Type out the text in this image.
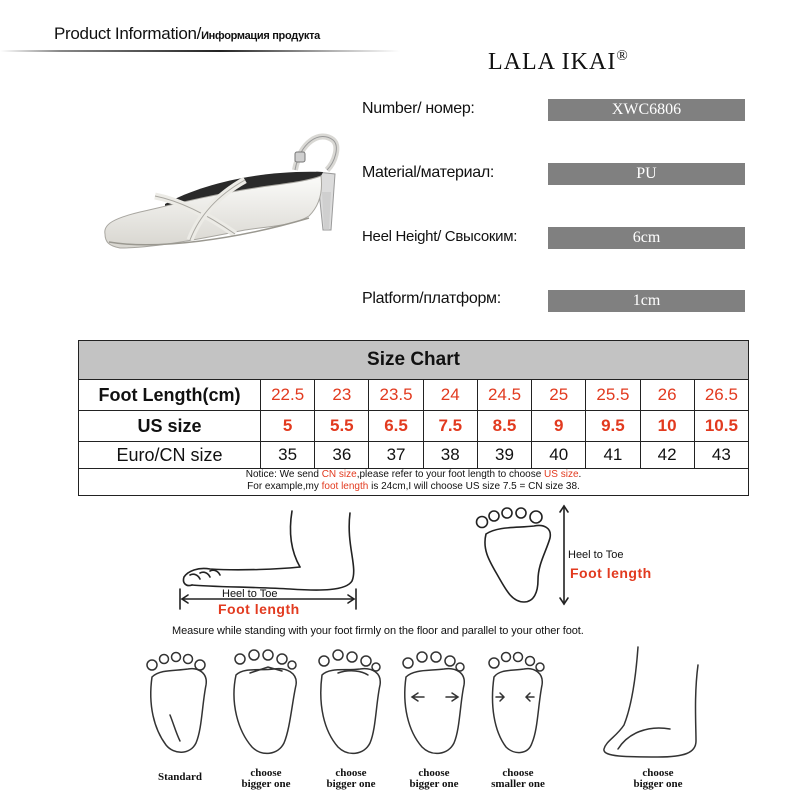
Product Information/Информация продукта
LALA IKAI®
Number/ номер:	XWC6806
Material/материал:	PU
Heel Height/ Свысоким:	6cm
Platform/платформ:	1cm
Size Chart
Foot Length(cm)	22.5	23	23.5	24	24.5	25	25.5	26	26.5
US size	5	5.5	6.5	7.5	8.5	9	9.5	10	10.5
Euro/CN size	35	36	37	38	39	40	41	42	43
Notice: We send CN size,please refer to your foot length to choose US size.
For example,my foot length is 24cm,I will choose US size 7.5 = CN size 38.
Heel to Toe
Foot length
Heel to Toe
Foot length
Measure while standing with your foot firmly on the floor and parallel to your other foot.
Standard	choose
bigger one
choose
bigger one
choose
bigger one
choose
smaller one
choose
bigger one
